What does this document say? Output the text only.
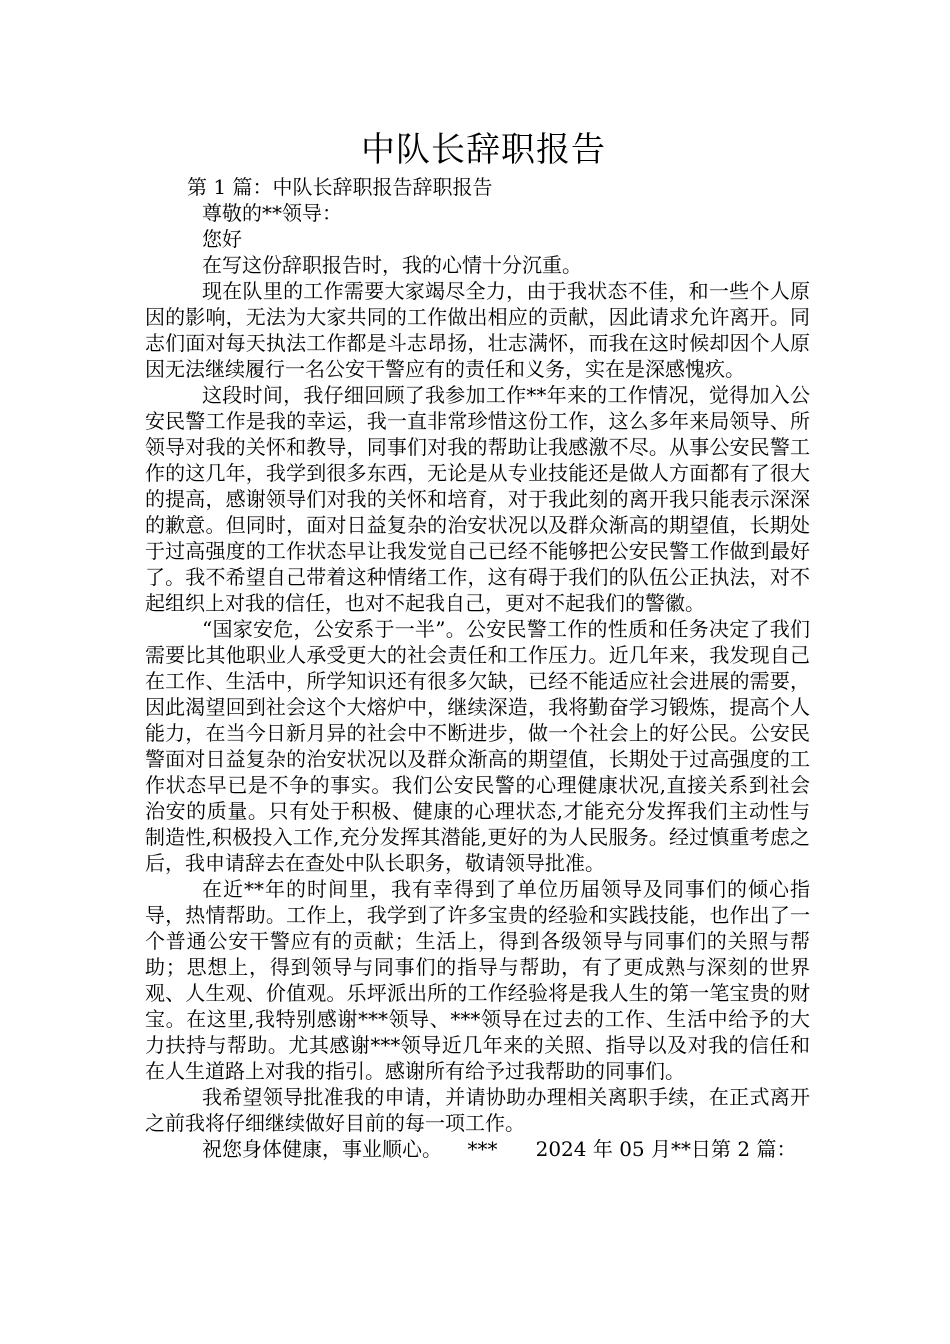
中队长辞职报告

第 1 篇：中队长辞职报告辞职报告

尊敬的**领导：

您好

在写这份辞职报告时，我的心情十分沉重。

现在队里的工作需要大家竭尽全力，由于我状态不佳，和一些个人原因的影响，无法为大家共同的工作做出相应的贡献，因此请求允许离开。同志们面对每天执法工作都是斗志昂扬，壮志满怀，而我在这时候却因个人原因无法继续履行一名公安干警应有的责任和义务，实在是深感愧疚。

这段时间，我仔细回顾了我参加工作**年来的工作情况，觉得加入公安民警工作是我的幸运，我一直非常珍惜这份工作，这么多年来局领导、所领导对我的关怀和教导，同事们对我的帮助让我感激不尽。从事公安民警工作的这几年，我学到很多东西，无论是从专业技能还是做人方面都有了很大的提高，感谢领导们对我的关怀和培育，对于我此刻的离开我只能表示深深的歉意。但同时，面对日益复杂的治安状况以及群众渐高的期望值，长期处于过高强度的工作状态早让我发觉自己已经不能够把公安民警工作做到最好了。我不希望自己带着这种情绪工作，这有碍于我们的队伍公正执法，对不起组织上对我的信任，也对不起我自己，更对不起我们的警徽。

“国家安危，公安系于一半”。公安民警工作的性质和任务决定了我们需要比其他职业人承受更大的社会责任和工作压力。近几年来，我发现自己在工作、生活中，所学知识还有很多欠缺，已经不能适应社会进展的需要，因此渴望回到社会这个大熔炉中，继续深造，我将勤奋学习锻炼，提高个人能力，在当今日新月异的社会中不断进步，做一个社会上的好公民。公安民警面对日益复杂的治安状况以及群众渐高的期望值，长期处于过高强度的工作状态早已是不争的事实。我们公安民警的心理健康状况,直接关系到社会治安的质量。只有处于积极、健康的心理状态,才能充分发挥我们主动性与制造性,积极投入工作,充分发挥其潜能,更好的为人民服务。经过慎重考虑之后，我申请辞去在查处中队长职务，敬请领导批准。

在近**年的时间里，我有幸得到了单位历届领导及同事们的倾心指导，热情帮助。工作上，我学到了许多宝贵的经验和实践技能，也作出了一个普通公安干警应有的贡献；生活上，得到各级领导与同事们的关照与帮助；思想上，得到领导与同事们的指导与帮助，有了更成熟与深刻的世界观、人生观、价值观。乐坪派出所的工作经验将是我人生的第一笔宝贵的财宝。在这里,我特别感谢***领导、***领导在过去的工作、生活中给予的大力扶持与帮助。尤其感谢***领导近几年来的关照、指导以及对我的信任和在人生道路上对我的指引。感谢所有给予过我帮助的同事们。

我希望领导批准我的申请，并请协助办理相关离职手续，在正式离开之前我将仔细继续做好目前的每一项工作。

祝您身体健康，事业顺心。 *** 2024 年 05 月**日第 2 篇：
